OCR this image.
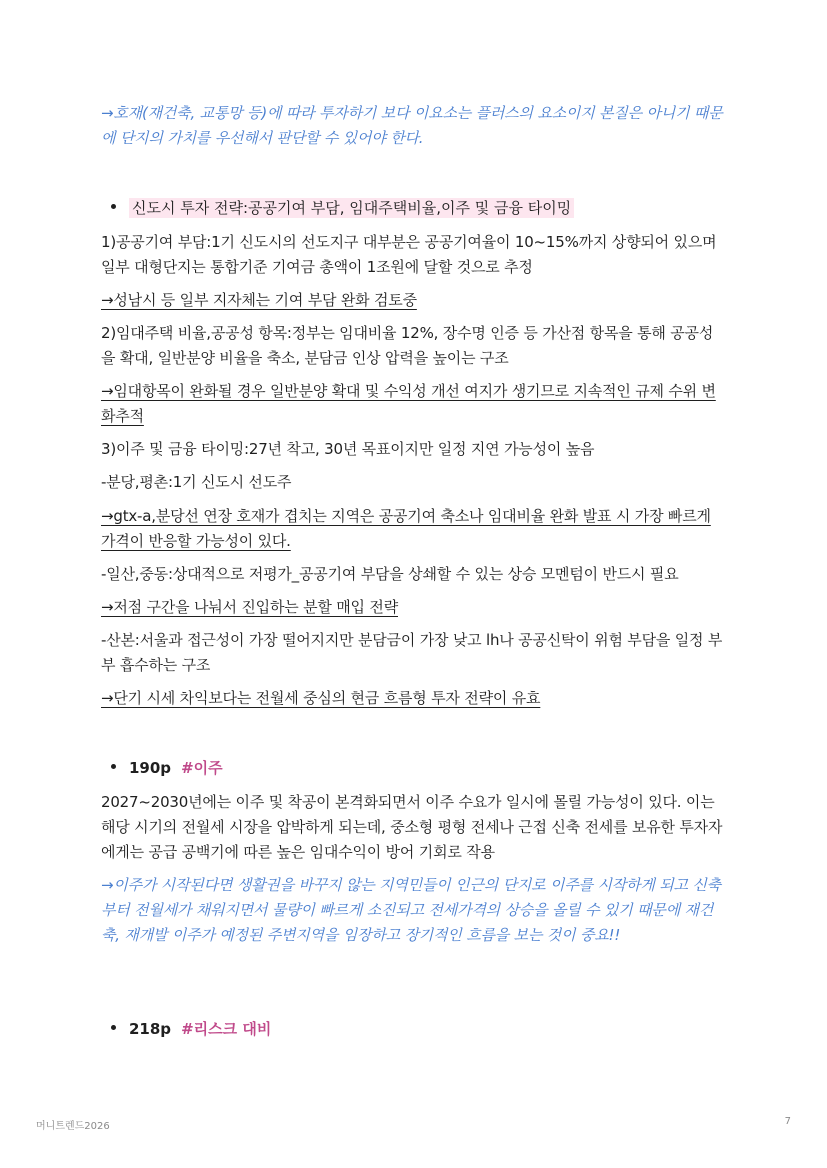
→호재(재건축, 교통망 등)에 따라 투자하기 보다 이요소는 플러스의 요소이지 본질은 아니기 때문에 단지의 가치를 우선해서 판단할 수 있어야 한다.
신도시 투자 전략:공공기여 부담, 임대주택비율,이주 및 금융 타이밍
1)공공기여 부담:1기 신도시의 선도지구 대부분은 공공기여율이 10~15%까지 상향되어 있으며 일부 대형단지는 통합기준 기여금 총액이 1조원에 달할 것으로 추정
→성남시 등 일부 지자체는 기여 부담 완화 검토중
2)임대주택 비율,공공성 항목:정부는 임대비율 12%, 장수명 인증 등 가산점 항목을 통해 공공성을 확대, 일반분양 비율을 축소, 분담금 인상 압력을 높이는 구조
→임대항목이 완화될 경우 일반분양 확대 및 수익성 개선 여지가 생기므로 지속적인 규제 수위 변화추적
3)이주 및 금융 타이밍:27년 착고, 30년 목표이지만 일정 지연 가능성이 높음
-분당,평촌:1기 신도시 선도주
→gtx-a,분당선 연장 호재가 겹치는 지역은 공공기여 축소나 임대비율 완화 발표 시 가장 빠르게 가격이 반응할 가능성이 있다.
-일산,중동:상대적으로 저평가_공공기여 부담을 상쇄할 수 있는 상승 모멘텀이 반드시 필요
→저점 구간을 나눠서 진입하는 분할 매입 전략
-산본:서울과 접근성이 가장 떨어지지만 분담금이 가장 낮고 lh나 공공신탁이 위험 부담을 일정 부부 흡수하는 구조
→단기 시세 차익보다는 전월세 중심의 현금 흐름형 투자 전략이 유효
190p #이주
2027~2030년에는 이주 및 착공이 본격화되면서 이주 수요가 일시에 몰릴 가능성이 있다. 이는 해당 시기의 전월세 시장을 압박하게 되는데, 중소형 평형 전세나 근접 신축 전세를 보유한 투자자에게는 공급 공백기에 따른 높은 임대수익이 방어 기회로 작용
→이주가 시작된다면 생활권을 바꾸지 않는 지역민들이 인근의 단지로 이주를 시작하게 되고 신축부터 전월세가 채워지면서 물량이 빠르게 소진되고 전세가격의 상승을 올릴 수 있기 때문에 재건축, 재개발 이주가 예정된 주변지역을 임장하고 장기적인 흐름을 보는 것이 중요!!
218p #리스크 대비
머니트렌드2026	7
